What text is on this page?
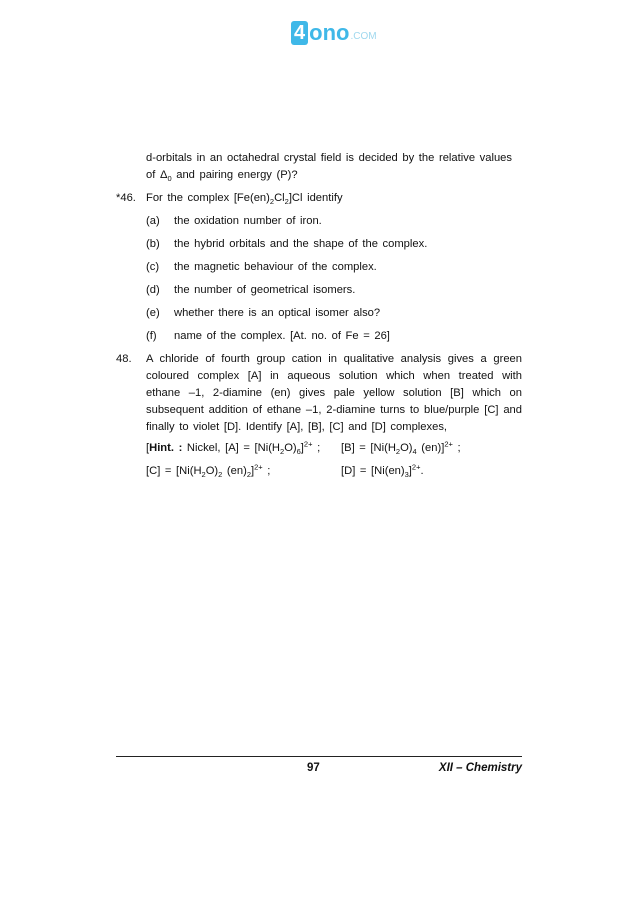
4 ono .COM

d-orbitals in an octahedral crystal field is decided by the relative values

of $\Delta_0$ and pairing energy (P)?

*46. For the complex $[Fe(en)_2Cl_2]Cl$ identify

(a) the oxidation number of iron.
(b) the hybrid orbitals and the shape of the complex.
(c) the magnetic behaviour of the complex.
(d) the number of geometrical isomers.
(e) whether there is an optical isomer also?
(f) name of the complex. [At. no. of Fe = 26]
48. A chloride of fourth group cation in qualitative analysis gives a green coloured complex [A] in aqueous solution which when treated with ethane –1, 2-diamine (en) gives pale yellow solution [B] which on subsequent addition of ethane –1, 2-diamine turns to blue/purple [C] and finally to violet [D]. Identify [A], [B], [C] and [D] complexes,

[Hint. : Nickel, $[A] = [Ni(H_2O)_6]^{2+}$ ;	$[B] = [Ni(H_2O)_4$ (en)]$^{2+}$ ;
$[C] = [Ni(H_2O)_2$ $(en)_2]^{2+}$ ;	$[D] = [Ni(en)_3]^{2+}$.
97	XII – Chemistry
